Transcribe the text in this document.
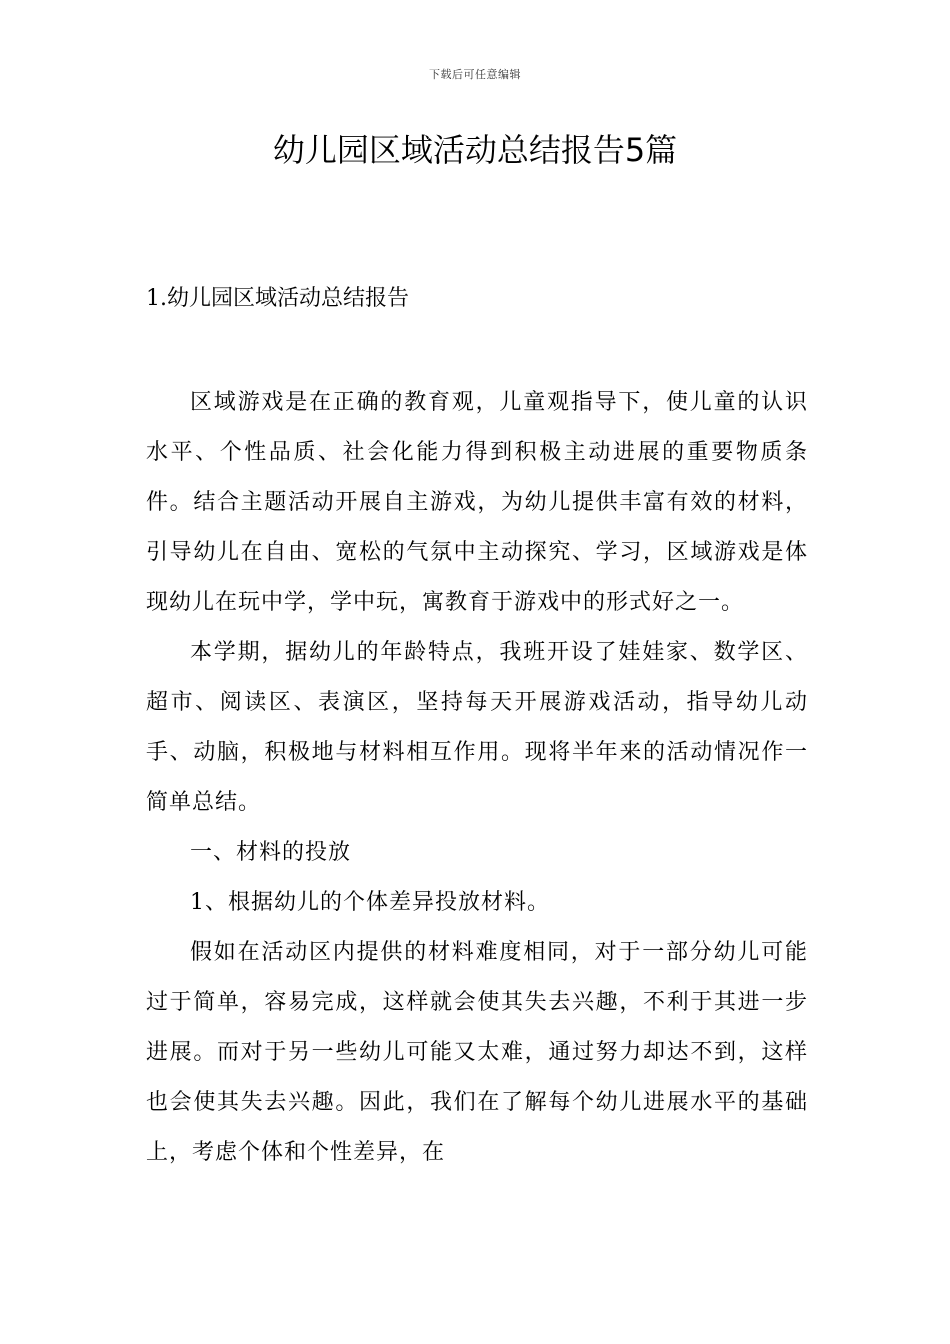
下载后可任意编辑
幼儿园区域活动总结报告5篇
1.幼儿园区域活动总结报告

区域游戏是在正确的教育观，儿童观指导下，使儿童的认识水平、个性品质、社会化能力得到积极主动进展的重要物质条件。结合主题活动开展自主游戏，为幼儿提供丰富有效的材料，引导幼儿在自由、宽松的气氛中主动探究、学习，区域游戏是体现幼儿在玩中学，学中玩，寓教育于游戏中的形式好之一。

本学期，据幼儿的年龄特点，我班开设了娃娃家、数学区、超市、阅读区、表演区，坚持每天开展游戏活动，指导幼儿动手、动脑，积极地与材料相互作用。现将半年来的活动情况作一简单总结。

一、材料的投放

1、根据幼儿的个体差异投放材料。

假如在活动区内提供的材料难度相同，对于一部分幼儿可能过于简单，容易完成，这样就会使其失去兴趣，不利于其进一步进展。而对于另一些幼儿可能又太难，通过努力却达不到，这样也会使其失去兴趣。因此，我们在了解每个幼儿进展水平的基础上，考虑个体和个性差异，在
